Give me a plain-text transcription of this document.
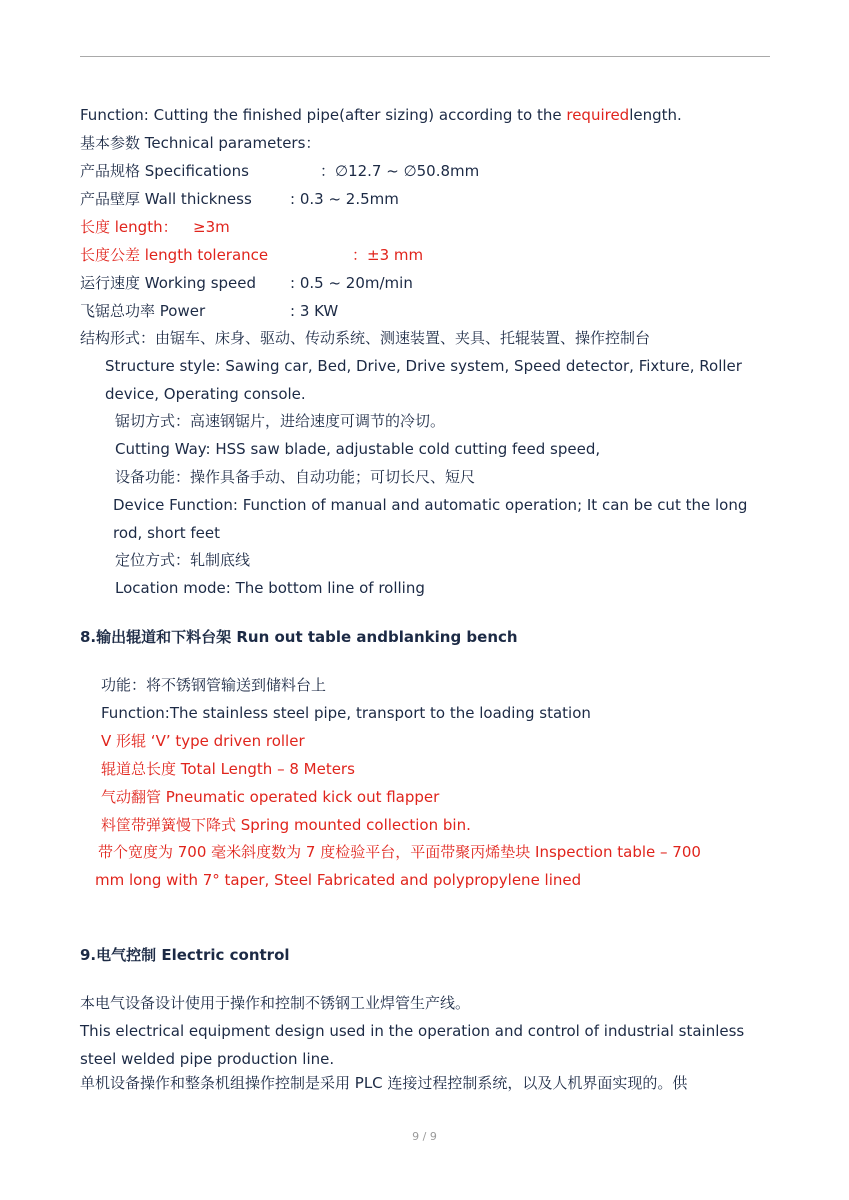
Function: Cutting the finished pipe(after sizing) according to the requiredlength.
基本参数 Technical parameters：
产品规格 Specifications	：∅12.7 ~ ∅50.8mm
产品壁厚 Wall thickness	: 0.3 ~ 2.5mm
长度 length： ≥3m
长度公差 length tolerance	：±3 mm
运行速度 Working speed : 0.5 ~ 20m/min
飞锯总功率 Power	: 3 KW
结构形式：由锯车、床身、驱动、传动系统、测速装置、夹具、托辊装置、操作控制台
Structure style: Sawing car, Bed, Drive, Drive system, Speed detector, Fixture, Roller
device, Operating console.
锯切方式：高速钢锯片，进给速度可调节的冷切。
Cutting Way: HSS saw blade, adjustable cold cutting feed speed,
设备功能：操作具备手动、自动功能；可切长尺、短尺
Device Function: Function of manual and automatic operation; It can be cut the long
rod, short feet
定位方式：轧制底线
Location mode: The bottom line of rolling
8.输出辊道和下料台架 Run out table andblanking bench
功能：将不锈钢管输送到储料台上
Function:The stainless steel pipe, transport to the loading station
V 形辊 ‘V’ type driven roller
辊道总长度 Total Length – 8 Meters
气动翻管 Pneumatic operated kick out flapper
料筐带弹簧慢下降式 Spring mounted collection bin.
带个宽度为 700 毫米斜度数为 7 度检验平台，平面带聚丙烯垫块 Inspection table – 700
mm long with 7° taper, Steel Fabricated and polypropylene lined
9.电气控制 Electric control
本电气设备设计使用于操作和控制不锈钢工业焊管生产线。
This electrical equipment design used in the operation and control of industrial stainless
steel welded pipe production line.
单机设备操作和整条机组操作控制是采用 PLC 连接过程控制系统，以及人机界面实现的。供
9 / 9
